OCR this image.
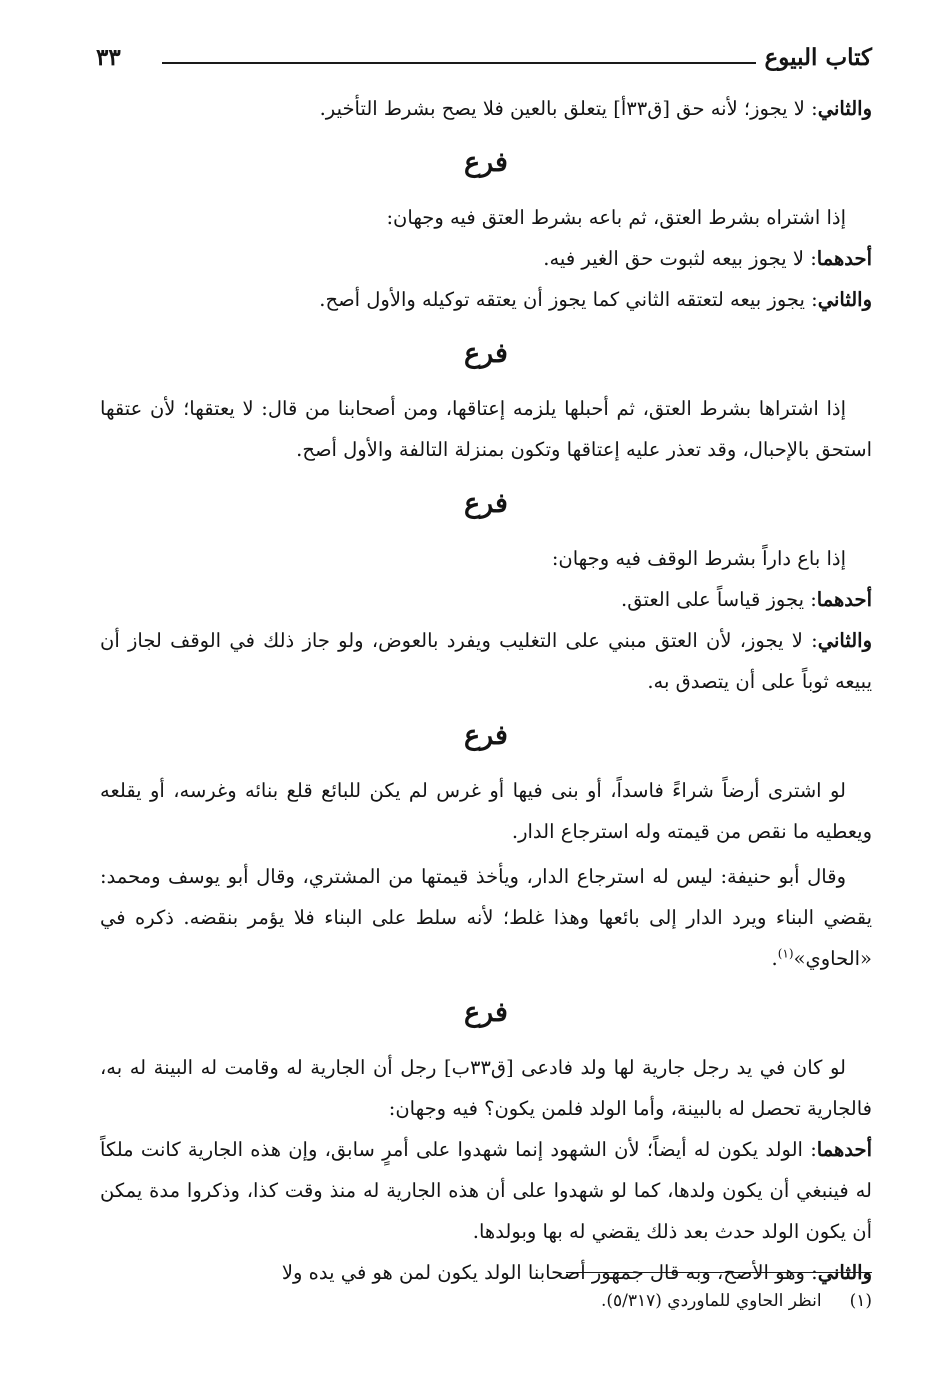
كتاب البيوع
٣٣

والثاني: لا يجوز؛ لأنه حق [ق٣٣أ] يتعلق بالعين فلا يصح بشرط التأخير.

فرع

إذا اشتراه بشرط العتق، ثم باعه بشرط العتق فيه وجهان:

أحدهما: لا يجوز بيعه لثبوت حق الغير فيه.

والثاني: يجوز بيعه لتعتقه الثاني كما يجوز أن يعتقه توكيله والأول أصح.

فرع

إذا اشتراها بشرط العتق، ثم أحبلها يلزمه إعتاقها، ومن أصحابنا من قال: لا يعتقها؛ لأن عتقها استحق بالإحبال، وقد تعذر عليه إعتاقها وتكون بمنزلة التالفة والأول أصح.

فرع

إذا باع داراً بشرط الوقف فيه وجهان:

أحدهما: يجوز قياساً على العتق.

والثاني: لا يجوز، لأن العتق مبني على التغليب ويفرد بالعوض، ولو جاز ذلك في الوقف لجاز أن يبيعه ثوباً على أن يتصدق به.

فرع

لو اشترى أرضاً شراءً فاسداً، أو بنى فيها أو غرس لم يكن للبائع قلع بنائه وغرسه، أو يقلعه ويعطيه ما نقص من قيمته وله استرجاع الدار.

وقال أبو حنيفة: ليس له استرجاع الدار، ويأخذ قيمتها من المشتري، وقال أبو يوسف ومحمد: يقضي البناء ويرد الدار إلى بائعها وهذا غلط؛ لأنه سلط على البناء فلا يؤمر بنقضه. ذكره في «الحاوي»$^{(١)}$.

فرع

لو كان في يد رجل جارية لها ولد فادعى [ق٣٣ب] رجل أن الجارية له وقامت له البينة له به، فالجارية تحصل له بالبينة، وأما الولد فلمن يكون؟ فيه وجهان:

أحدهما: الولد يكون له أيضاً؛ لأن الشهود إنما شهدوا على أمرٍ سابق، وإن هذه الجارية كانت ملكاً له فينبغي أن يكون ولدها، كما لو شهدوا على أن هذه الجارية له منذ وقت كذا، وذكروا مدة يمكن أن يكون الولد حدث بعد ذلك يقضي له بها وبولدها.

والثاني: وهو الأصح، وبه قال جمهور أصحابنا الولد يكون لمن هو في يده ولا

(١)انظر الحاوي للماوردي (٥/٣١٧).
